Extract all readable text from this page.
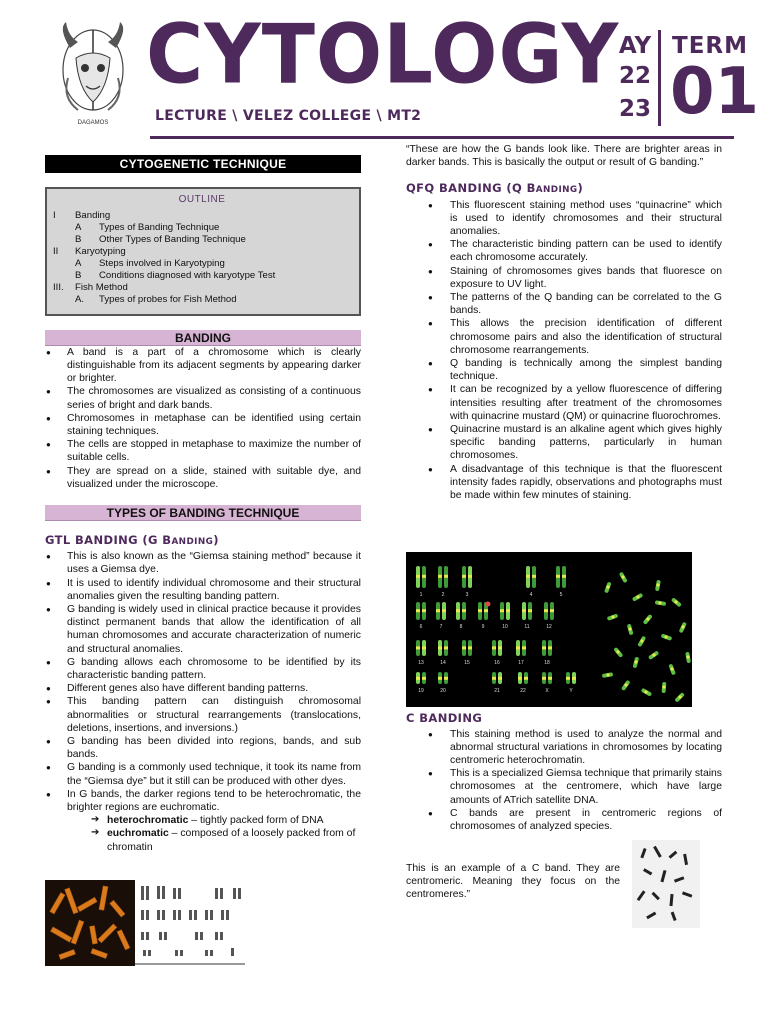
DAGAMOS
CYTOLOGY
LECTURE \ VELEZ COLLEGE \ MT2
AY
22
23
TERM
01
CYTOGENETIC TECHNIQUE
OUTLINE
I	Banding
A	Types of Banding Technique
B	Other Types of Banding Technique
II	Karyotyping
A	Steps involved in Karyotyping
B	Conditions diagnosed with karyotype Test
III.	Fish Method
A.	Types of probes for Fish Method
BANDING
● A band is a part of a chromosome which is clearly distinguishable from its adjacent segments by appearing darker or brighter.
● The chromosomes are visualized as consisting of a continuous series of bright and dark bands.
● Chromosomes in metaphase can be identified using certain staining techniques.
● The cells are stopped in metaphase to maximize the number of suitable cells.
● They are spread on a slide, stained with suitable dye, and visualized under the microscope.
TYPES OF BANDING TECHNIQUE
GTL BANDING (G BANDING)
● This is also known as the “Giemsa staining method” because it uses a Giemsa dye.
● It is used to identify individual chromosome and their structural anomalies given the resulting banding pattern.
● G banding is widely used in clinical practice because it provides distinct permanent bands that allow the identification of all human chromosomes and accurate characterization of numeric and structural anomalies.
● G banding allows each chromosome to be identified by its characteristic banding pattern.
● Different genes also have different banding patterns.
● This banding pattern can distinguish chromosomal abnormalities or structural rearrangements (translocations, deletions, insertions, and inversions.)
● G banding has been divided into regions, bands, and sub bands.
● G banding is a commonly used technique, it took its name from the “Giemsa dye” but it still can be produced with other dyes.
● In G bands, the darker regions tend to be heterochromatic, the brighter regions are euchromatic.
➔ heterochromatic – tightly packed form of DNA
➔ euchromatic – composed of a loosely packed from of chromatin
“These are how the G bands look like. There are brighter areas in darker bands. This is basically the output or result of G banding.”
QFQ BANDING (Q BANDING)
● This fluorescent staining method uses “quinacrine” which is used to identify chromosomes and their structural anomalies.
● The characteristic binding pattern can be used to identify each chromosome accurately.
● Staining of chromosomes gives bands that fluoresce on exposure to UV light.
● The patterns of the Q banding can be correlated to the G bands.
● This allows the precision identification of different chromosome pairs and also the identification of structural chromosome rearrangements.
● Q banding is technically among the simplest banding technique.
● It can be recognized by a yellow fluorescence of differing intensities resulting after treatment of the chromosomes with quinacrine mustard (QM) or quinacrine fluorochromes.
● Quinacrine mustard is an alkaline agent which gives highly specific banding patterns, particularly in human chromosomes.
● A disadvantage of this technique is that the fluorescent intensity fades rapidly, observations and photographs must be made within few minutes of staining.
1	2	3	4	5
6	7	8	9	10	11	12
13	14	15	16	17	18
19	20	21	22	X	Y
C BANDING
● This staining method is used to analyze the normal and abnormal structural variations in chromosomes by locating centromeric heterochromatin.
● This is a specialized Giemsa technique that primarily stains chromosomes at the centromere, which have large amounts of ATrich satellite DNA.
● C bands are present in centromeric regions of chromosomes of analyzed species.
This is an example of a C band. They are centromeric. Meaning they focus on the centromeres.”
